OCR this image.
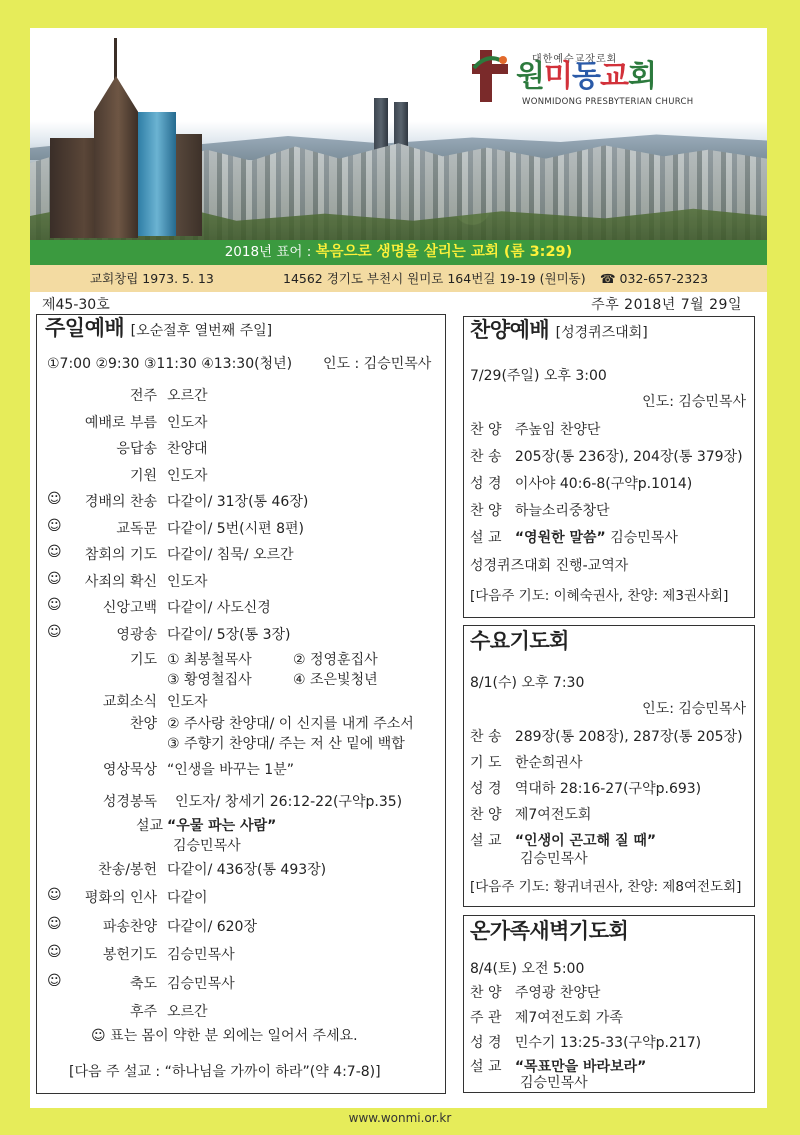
대한예수교장로회
원미동교회
WONMIDONG PRESBYTERIAN CHURCH
2018년 표어 : 복음으로 생명을 살리는 교회 (롬 3:29)
교회창립 1973. 5. 13	14562 경기도 부천시 원미로 164번길 19-19 (원미동) ☎ 032-657-2323
제45-30호	주후 2018년 7월 29일
주일예배 [오순절후 열번째 주일]
①7:00 ②9:30 ③11:30 ④13:30(청년) 인도 : 김승민목사
전주 오르간
예배로 부름 인도자
응답송 찬양대
기원 인도자
☺	경배의 찬송 다같이/ 31장(통 46장)
☺	교독문 다같이/ 5번(시편 8편)
☺	참회의 기도 다같이/ 침묵/ 오르간
☺	사죄의 확신 인도자
☺	신앙고백 다같이/ 사도신경
☺	영광송 다같이/ 5장(통 3장)
기도 ① 최봉철목사	② 정영훈집사
③ 황영철집사	④ 조은빛청년
교회소식 인도자
찬양 ② 주사랑 찬양대/ 이 신지를 내게 주소서
③ 주향기 찬양대/ 주는 저 산 밑에 백합
영상묵상 “인생을 바꾸는 1분”
성경봉독 인도자/ 창세기 26:12-22(구약p.35)
설교 “우물 파는 사람”
김승민목사
찬송/봉헌 다같이/ 436장(통 493장)
☺	평화의 인사 다같이
☺	파송찬양 다같이/ 620장
☺	봉헌기도 김승민목사
☺	축도 김승민목사
후주 오르간
☺ 표는 몸이 약한 분 외에는 일어서 주세요.
[다음 주 설교 : “하나님을 가까이 하라”(약 4:7-8)]
찬양예배 [성경퀴즈대회]
7/29(주일) 오후 3:00
인도: 김승민목사
찬 양 주높임 찬양단
찬 송 205장(통 236장), 204장(통 379장)
성 경 이사야 40:6-8(구약p.1014)
찬 양 하늘소리중창단
설 교 “영원한 말씀” 김승민목사
성경퀴즈대회 진행-교역자
[다음주 기도: 이혜숙권사, 찬양: 제3권사회]
수요기도회
8/1(수) 오후 7:30
인도: 김승민목사
찬 송 289장(통 208장), 287장(통 205장)
기 도 한순희권사
성 경 역대하 28:16-27(구약p.693)
찬 양 제7여전도회
설 교 “인생이 곤고해 질 때”
김승민목사
[다음주 기도: 황귀녀권사, 찬양: 제8여전도회]
온가족새벽기도회
8/4(토) 오전 5:00
찬 양 주영광 찬양단
주 관 제7여전도회 가족
성 경 민수기 13:25-33(구약p.217)
설 교 “목표만을 바라보라”
김승민목사
www.wonmi.or.kr
